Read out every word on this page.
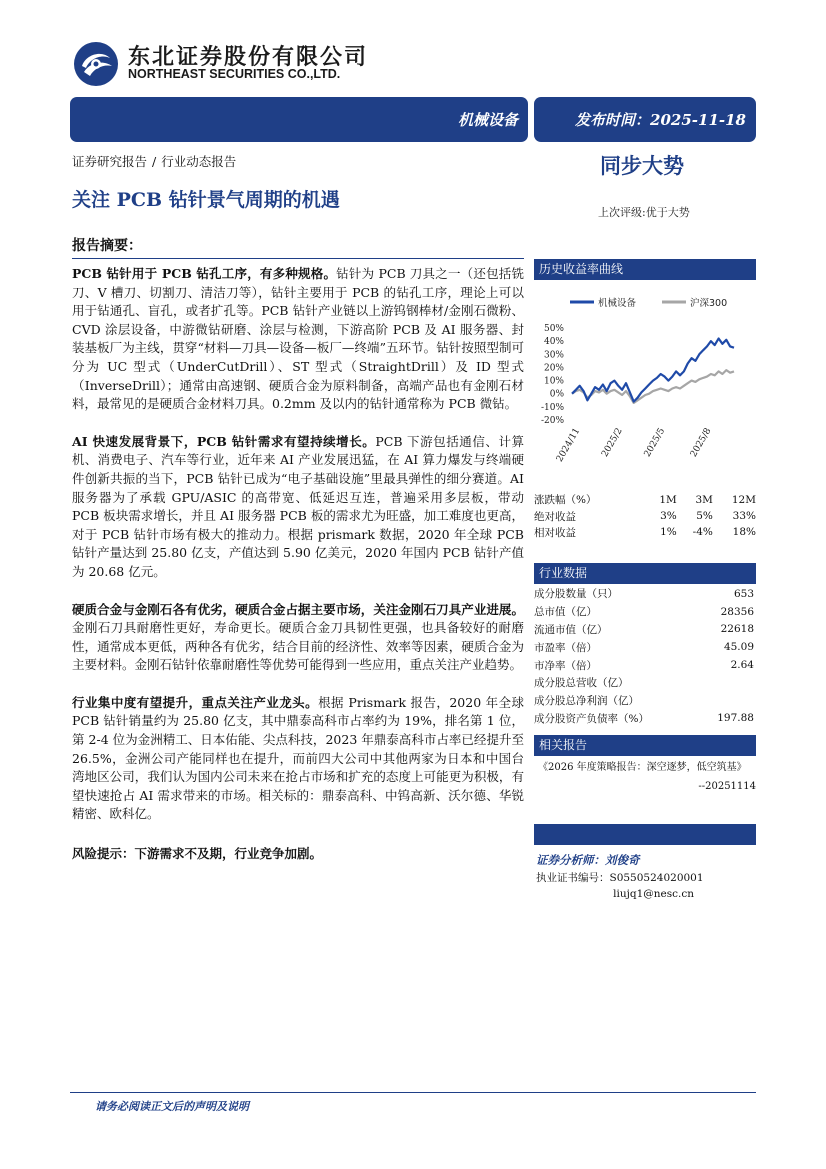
东北证券股份有限公司
NORTHEAST SECURITIES CO.,LTD.
机械设备	发布时间： 2025-11-18
证券研究报告 / 行业动态报告
关注 PCB 钻针景气周期的机遇
同步大势
上次评级:优于大势
报告摘要：

PCB 钻针用于 PCB 钻孔工序，有多种规格。钻针为 PCB 刀具之一（还包括铣刀、V 槽刀、切割刀、清洁刀等），钻针主要用于 PCB 的钻孔工序，理论上可以用于钻通孔、盲孔，或者扩孔等。PCB 钻针产业链以上游钨钢棒材/金刚石微粉、CVD 涂层设备，中游微钻研磨、涂层与检测，下游高阶 PCB 及 AI 服务器、封装基板厂为主线，贯穿“材料—刀具—设备—板厂—终端”五环节。钻针按照型制可分为 UC 型式（UnderCutDrill）、ST 型式（StraightDrill）及 ID 型式（InverseDrill）；通常由高速钢、硬质合金为原料制备，高端产品也有金刚石材料，最常见的是硬质合金材料刀具。0.2mm 及以内的钻针通常称为 PCB 微钻。

AI 快速发展背景下，PCB 钻针需求有望持续增长。PCB 下游包括通信、计算机、消费电子、汽车等行业，近年来 AI 产业发展迅猛，在 AI 算力爆发与终端硬件创新共振的当下，PCB 钻针已成为“电子基础设施”里最具弹性的细分赛道。AI 服务器为了承载 GPU/ASIC 的高带宽、低延迟互连，普遍采用多层板，带动 PCB 板块需求增长，并且 AI 服务器 PCB 板的需求尤为旺盛，加工难度也更高，对于 PCB 钻针市场有极大的推动力。根据 prismark 数据，2020 年全球 PCB 钻针产量达到 25.80 亿支，产值达到 5.90 亿美元，2020 年国内 PCB 钻针产值为 20.68 亿元。

硬质合金与金刚石各有优劣，硬质合金占据主要市场，关注金刚石刀具产业进展。金刚石刀具耐磨性更好，寿命更长。硬质合金刀具韧性更强，也具备较好的耐磨性，通常成本更低，两种各有优劣，结合目前的经济性、效率等因素，硬质合金为主要材料。金刚石钻针依靠耐磨性等优势可能得到一些应用，重点关注产业趋势。

行业集中度有望提升，重点关注产业龙头。根据 Prismark 报告，2020 年全球 PCB 钻针销量约为 25.80 亿支，其中鼎泰高科市占率约为 19%，排名第 1 位，第 2-4 位为金洲精工、日本佑能、尖点科技，2023 年鼎泰高科市占率已经提升至 26.5%，金洲公司产能同样也在提升，而前四大公司中其他两家为日本和中国台湾地区公司，我们认为国内公司未来在抢占市场和扩充的态度上可能更为积极，有望快速抢占 AI 需求带来的市场。相关标的：鼎泰高科、中钨高新、沃尔德、华锐精密、欧科亿。

风险提示：下游需求不及期，行业竞争加剧。
历史收益率曲线
机械设备	沪深300
50%
40%
30%
20%
10%
0%
-10%
-20%
2024/11 2025/2 2025/5 2025/8
涨跌幅（%）	1M	3M	12M
绝对收益	3%	5%	33%
相对收益	1%	-4%	18%
行业数据
成分股数量（只）	653
总市值（亿）	28356
流通市值（亿）	22618
市盈率（倍）	45.09
市净率（倍）	2.64
成分股总营收（亿）	
成分股总净利润（亿）	
成分股资产负债率（%）	197.88
相关报告
《2026 年度策略报告：深空逐梦，低空筑基》
--20251114
证券分析师：刘俊奇
执业证书编号：S0550524020001
liujq1@nesc.cn
请务必阅读正文后的声明及说明
